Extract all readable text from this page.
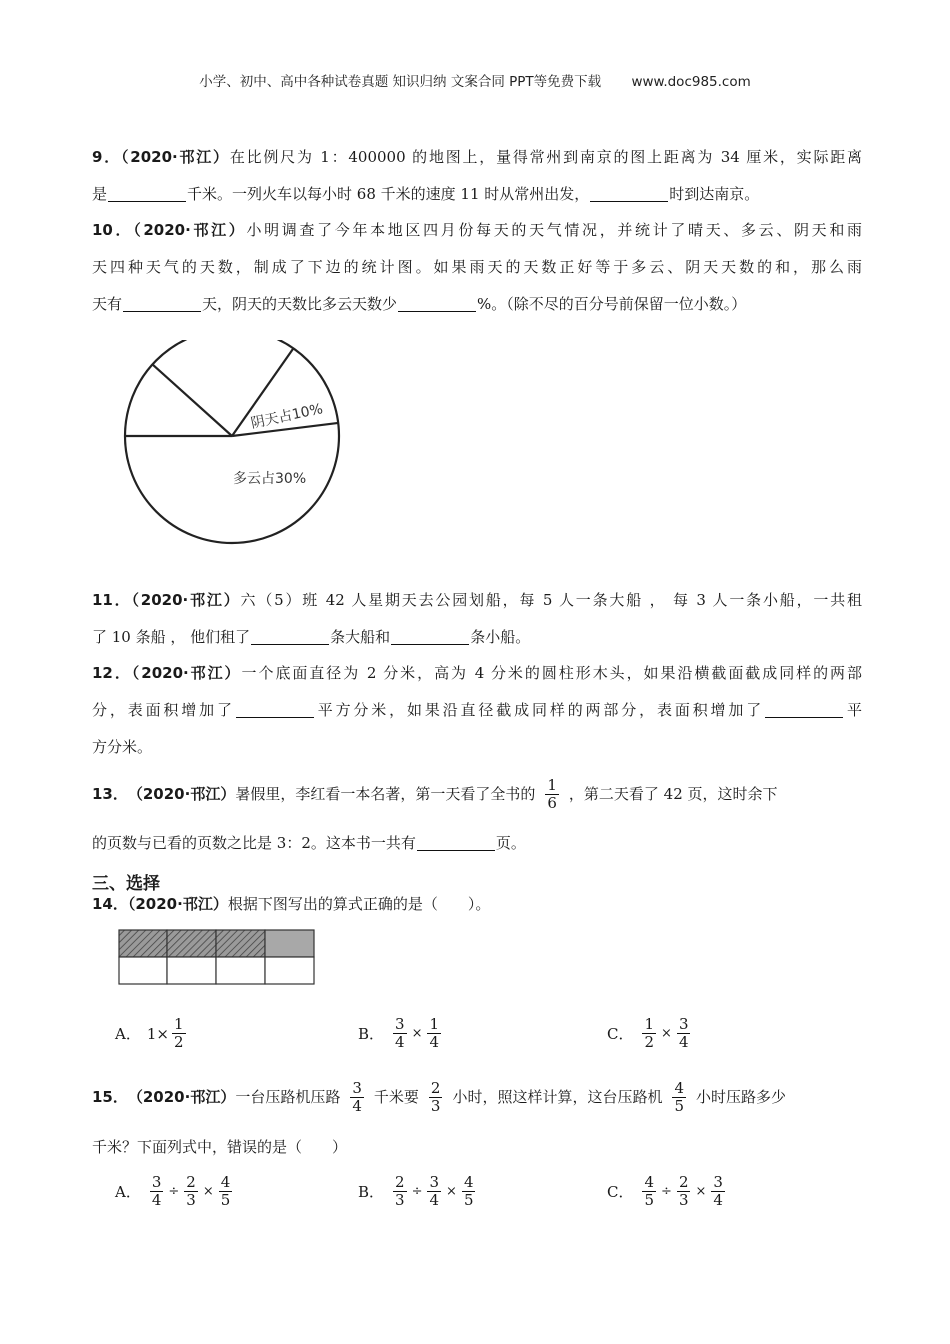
小学、初中、高中各种试卷真题 知识归纳 文案合同 PPT等免费下载 www.doc985.com
9．（2020·邗江）在比例尺为 1：400000 的地图上，量得常州到南京的图上距离为 34 厘米，实际距离
是	千米。一列火车以每小时 68 千米的速度 11 时从常州出发，	时到达南京。
10．（2020·邗江）小明调查了今年本地区四月份每天的天气情况，并统计了晴天、多云、阴天和雨
天四种天气的天数，制成了下边的统计图。如果雨天的天数正好等于多云、阴天天数的和，那么雨
天有	天，阴天的天数比多云天数少	%。（除不尽的百分号前保留一位小数。）
阴天占10%
多云占30%
11．（2020·邗江）六（5）班 42 人星期天去公园划船，每 5 人一条大船 ， 每 3 人一条小船，一共租
了 10 条船 ， 他们租了	条大船和	条小船。
12．（2020·邗江）一个底面直径为 2 分米，高为 4 分米的圆柱形木头，如果沿横截面截成同样的两部
分，表面积增加了	平方分米，如果沿直径截成同样的两部分，表面积增加了	平
方分米。
13． （2020·邗江） 暑假里，李红看一本名著，第一天看了全书的 $\frac{1}{6}$ ，第二天看了 42 页，这时余下
的页数与已看的页数之比是 3：2。这本书一共有	页。
三、选择
14．（2020·邗江）根据下图写出的算式正确的是（　　）。
A． $1\times \frac{1}{2}$	B． $\frac{3}{4} \times \frac{1}{4}$	C． $\frac{1}{2} \times \frac{3}{4}$
15． （2020·邗江） 一台压路机压路 $\frac{3}{4}$ 千米要 $\frac{2}{3}$ 小时，照这样计算，这台压路机 $\frac{4}{5}$ 小时压路多少
千米？下面列式中，错误的是（　　）
A． $\frac{3}{4} \div \frac{2}{3} \times \frac{4}{5}$	B． $\frac{2}{3} \div \frac{3}{4} \times \frac{4}{5}$	C． $\frac{4}{5} \div \frac{2}{3} \times \frac{3}{4}$
